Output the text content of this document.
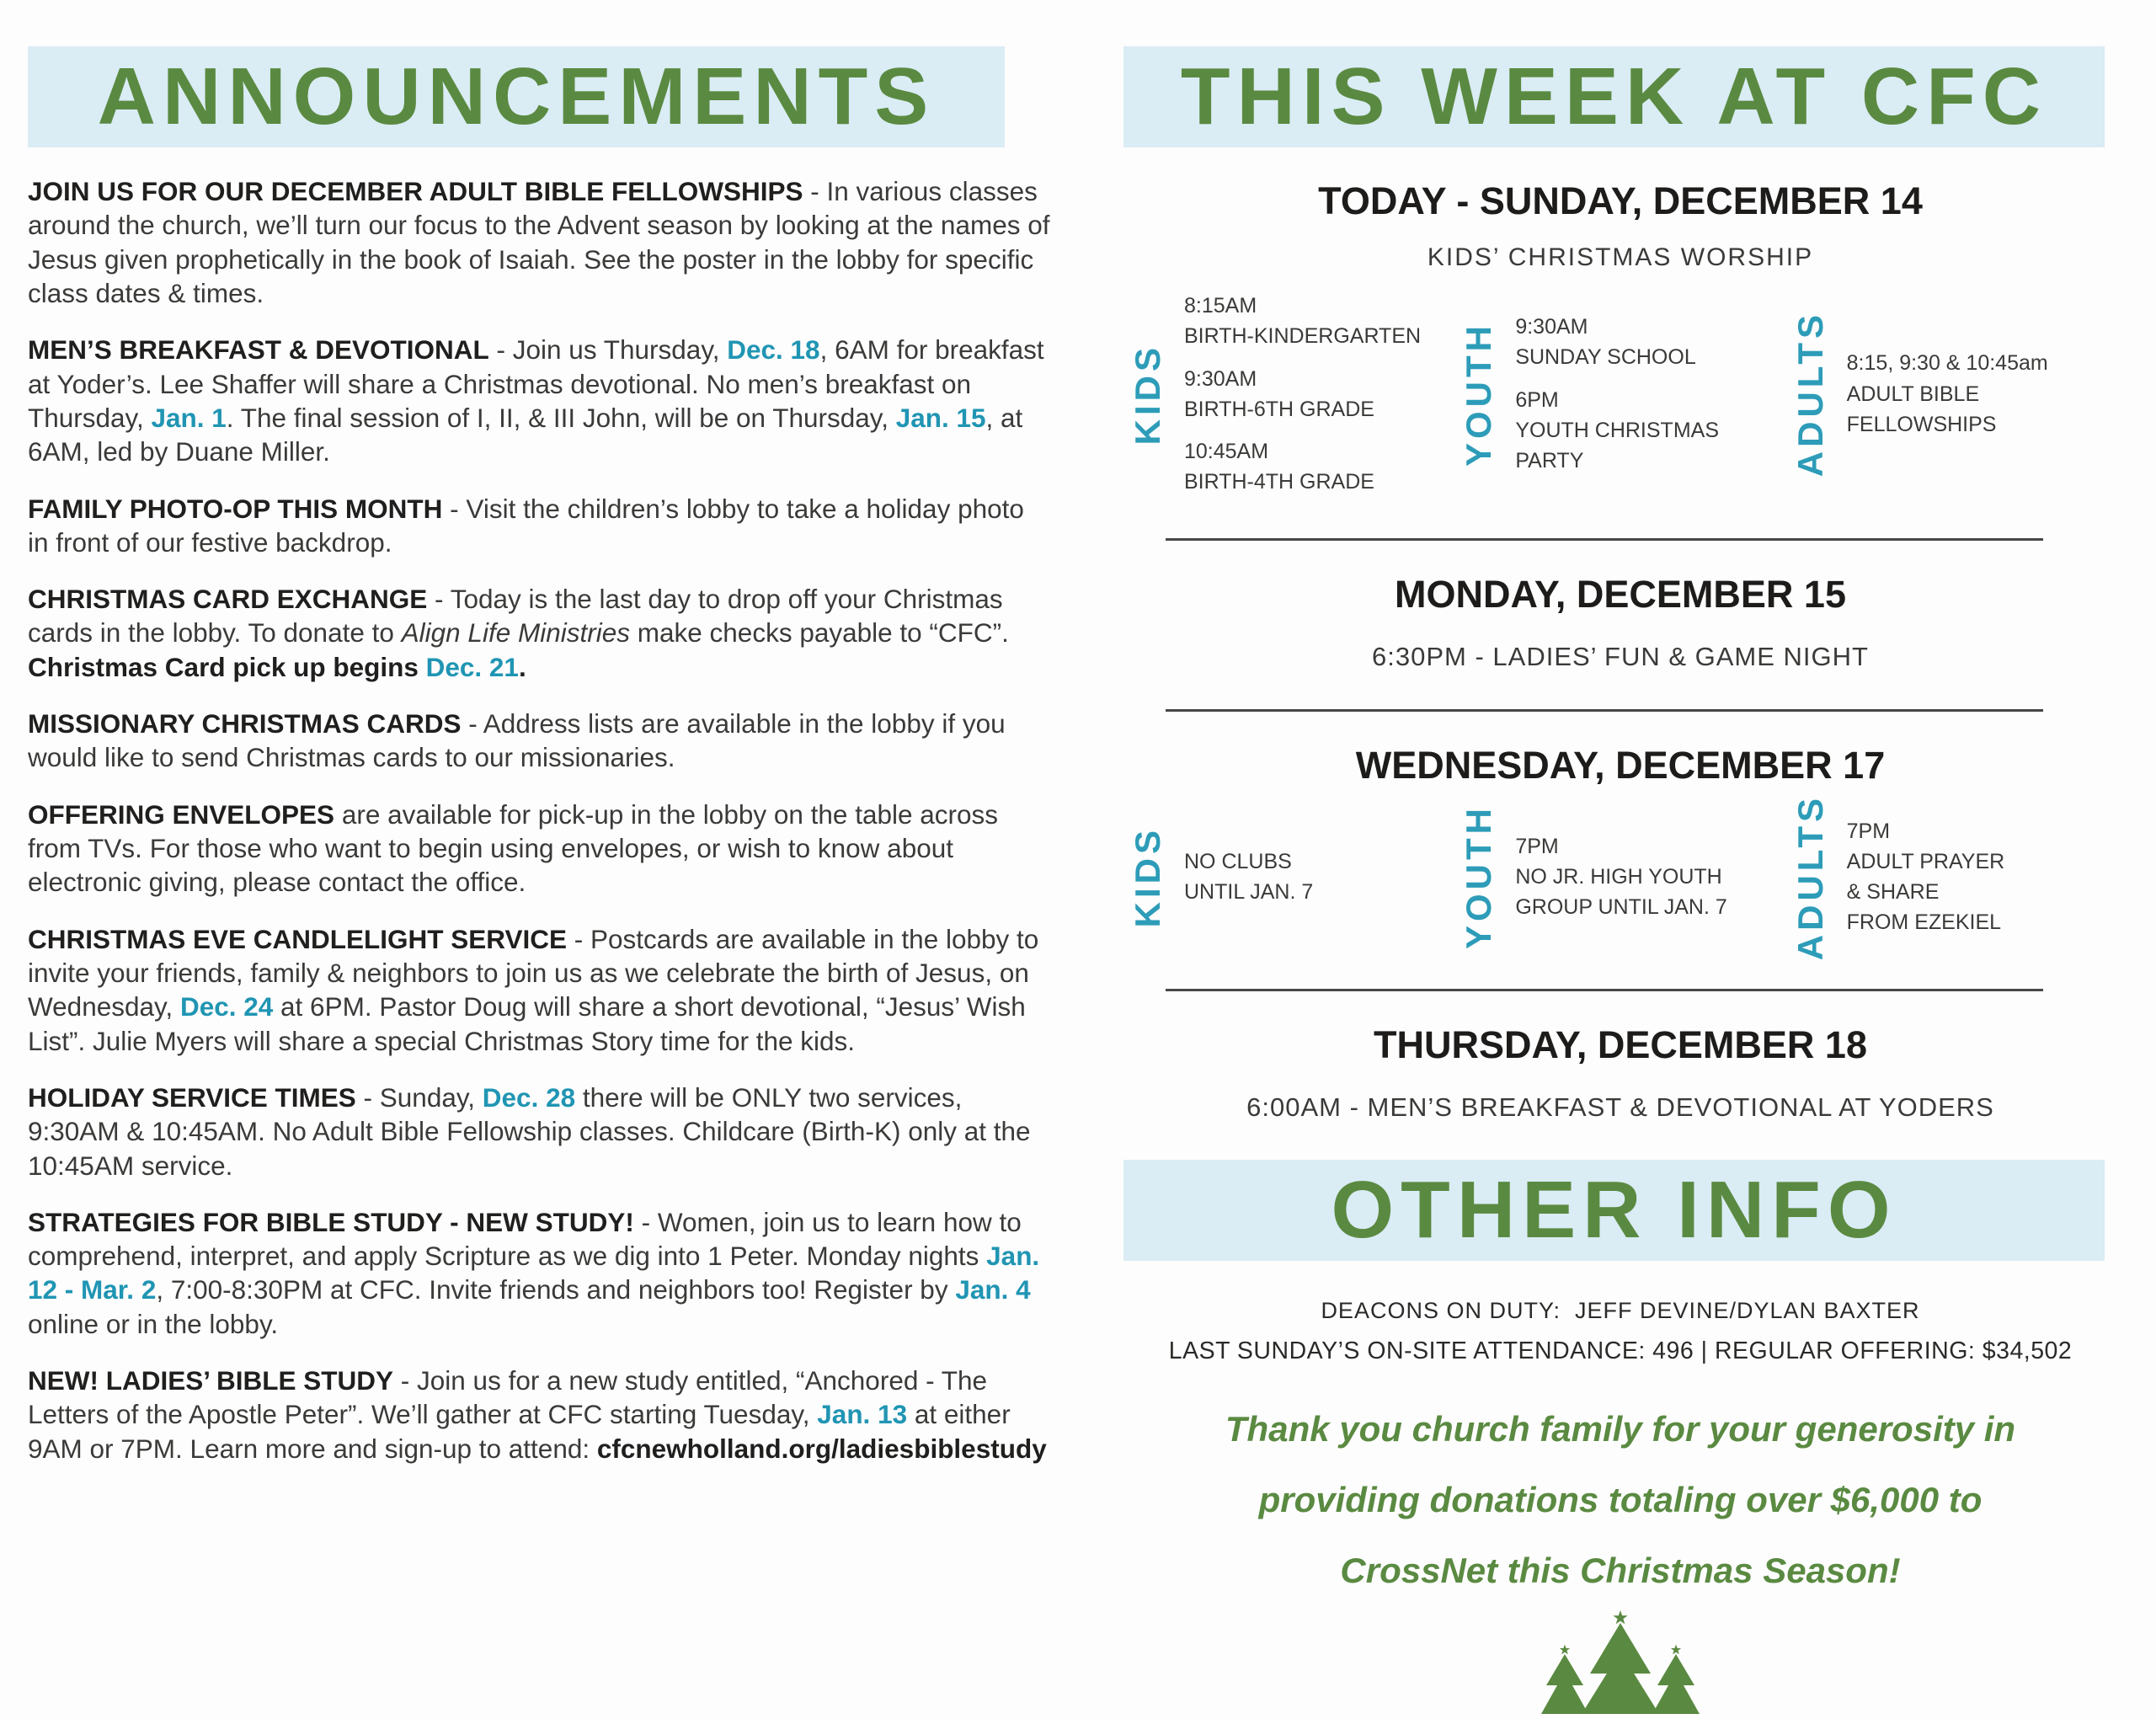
ANNOUNCEMENTS
JOIN US FOR OUR DECEMBER ADULT BIBLE FELLOWSHIPS - In various classes around the church, we’ll turn our focus to the Advent season by looking at the names of Jesus given prophetically in the book of Isaiah. See the poster in the lobby for specific class dates & times.
MEN’S BREAKFAST & DEVOTIONAL - Join us Thursday, Dec. 18, 6AM for breakfast at Yoder’s. Lee Shaffer will share a Christmas devotional. No men’s breakfast on Thursday, Jan. 1. The final session of I, II, & III John, will be on Thursday, Jan. 15, at 6AM, led by Duane Miller.
FAMILY PHOTO-OP THIS MONTH - Visit the children’s lobby to take a holiday photo in front of our festive backdrop.
CHRISTMAS CARD EXCHANGE - Today is the last day to drop off your Christmas cards in the lobby. To donate to Align Life Ministries make checks payable to “CFC”. Christmas Card pick up begins Dec. 21.
MISSIONARY CHRISTMAS CARDS - Address lists are available in the lobby if you would like to send Christmas cards to our missionaries.
OFFERING ENVELOPES are available for pick-up in the lobby on the table across from TVs. For those who want to begin using envelopes, or wish to know about electronic giving, please contact the office.
CHRISTMAS EVE CANDLELIGHT SERVICE - Postcards are available in the lobby to invite your friends, family & neighbors to join us as we celebrate the birth of Jesus, on Wednesday, Dec. 24 at 6PM. Pastor Doug will share a short devotional, “Jesus’ Wish List”. Julie Myers will share a special Christmas Story time for the kids.
HOLIDAY SERVICE TIMES - Sunday, Dec. 28 there will be ONLY two services, 9:30AM & 10:45AM. No Adult Bible Fellowship classes. Childcare (Birth-K) only at the 10:45AM service.
STRATEGIES FOR BIBLE STUDY - NEW STUDY! - Women, join us to learn how to comprehend, interpret, and apply Scripture as we dig into 1 Peter. Monday nights Jan. 12 - Mar. 2, 7:00-8:30PM at CFC. Invite friends and neighbors too! Register by Jan. 4 online or in the lobby.
NEW! LADIES’ BIBLE STUDY - Join us for a new study entitled, “Anchored - The Letters of the Apostle Peter”. We’ll gather at CFC starting Tuesday, Jan. 13 at either 9AM or 7PM. Learn more and sign-up to attend: cfcnewholland.org/ladiesbiblestudy
THIS WEEK AT CFC
TODAY - SUNDAY, DECEMBER 14
KIDS’ CHRISTMAS WORSHIP
KIDS
8:15AM
BIRTH-KINDERGARTEN
9:30AM
BIRTH-6TH GRADE
10:45AM
BIRTH-4TH GRADE
YOUTH 9:30AM
SUNDAY SCHOOL
6PM
YOUTH CHRISTMAS
PARTY	ADULTS 8:15, 9:30 & 10:45am
ADULT BIBLE
FELLOWSHIPS
MONDAY, DECEMBER 15
6:30PM - LADIES’ FUN & GAME NIGHT
WEDNESDAY, DECEMBER 17
KIDS NO CLUBS
UNTIL JAN. 7	YOUTH 7PM
NO JR. HIGH YOUTH
GROUP UNTIL JAN. 7 ADULTS 7PM
ADULT PRAYER
& SHARE
FROM EZEKIEL
THURSDAY, DECEMBER 18
6:00AM - MEN’S BREAKFAST & DEVOTIONAL AT YODERS
OTHER INFO
DEACONS ON DUTY:  JEFF DEVINE/DYLAN BAXTER
LAST SUNDAY’S ON-SITE ATTENDANCE: 496 | REGULAR OFFERING: $34,502
Thank you church family for your generosity in
providing donations totaling over $6,000 to
CrossNet this Christmas Season!
